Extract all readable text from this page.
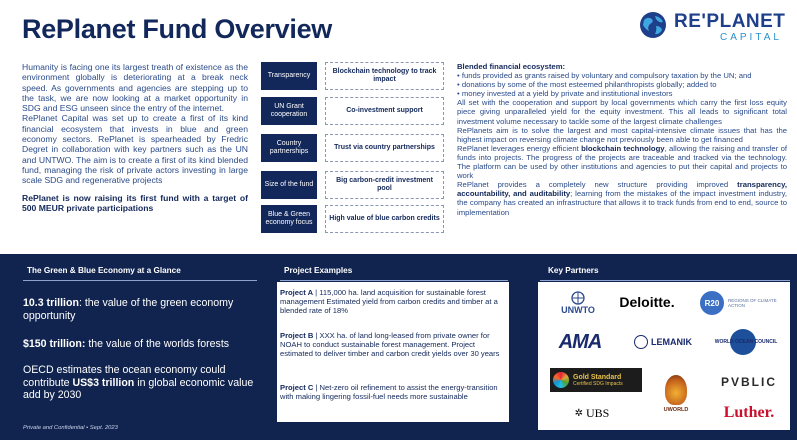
RePlanet Fund Overview	RE'PLANET
CAPITAL

Humanity is facing one its largest treath of existence as the environment globally is deteriorating at a break neck speed. As governments and agencies are stepping up to the task, we are now looking at a market opportunity in SDG and ESG unseen since the entry of the internet.

RePlanet Capital was set up to create a first of its kind financial ecosystem that invests in blue and green economy sectors. RePlanet is spearheaded by Fredric Degret in collaboration with key partners such as the UN and UNTWO. The aim is to create a first of its kind blended fund, managing the risk of private actors investing in large scale SDG and regenerative projects

RePlanet is now raising its first fund with a target of 500 MEUR private participations

Transparency
Blockchain technology to track impact
UN Grant cooperation
Co-investment support
Country partnerships
Trust via country partnerships
Size of the fund
Big carbon-credit investment pool
Blue & Green economy focus
High value of blue carbon credits
Blended financial ecosystem:
• funds provided as grants raised by voluntary and compulsory taxation by the UN; and
• donations by some of the most esteemed philanthropists globally; added to
• money invested at a yield by private and institutional investors
All set with the cooperation and support by local governments which carry the first loss equity piece giving unparalleled yield for the equity investment. This all leads to significant total investment volume necessary to tackle some of the largest climate challenges
RePlanets aim is to solve the largest and most capital-intensive climate issues that has the highest impact on reversing climate change not previously been able to get financed
RePlanet leverages energy efficient blockchain technology, allowing the raising and transfer of funds into projects. The progress of the projects are traceable and tracked via the technology. The platform can be used by other institutions and agencies to put their capital and projects to work
RePlanet provides a completely new structure providing improved transparency, accountability, and auditability; learning from the mistakes of the impact investment industry, the company has created an infrastructure that allows it to track funds from end to end, source to implementation
The Green & Blue Economy at a Glance
10.3 trillion: the value of the green economy opportunity
$150 trillion: the value of the worlds forests
OECD estimates the ocean economy could contribute US$3 trillion in global economic value add by 2030
Project Examples
Project A | 115,000 ha. land acquisition for sustainable forest management Estimated yield from carbon credits and timber at a blended rate of 18%
Project B | XXX ha. of land long-leased from private owner for NOAH to conduct sustainable forest management. Project estimated to deliver timber and carbon credit yields over 30 years
Project C | Net-zero oil refinement to assist the energy-transition with making lingering fossil-fuel needs more sustainable
Key Partners
UNWTO	Deloitte.	R20	REGIONS OF CLIMATE ACTION
AMA	LEMANIK	WORLD OCEAN COUNCIL
Gold Standard
Certified SDG Impacts
UWORLD
PVBLIC
✲ UBS	Luther.
Private and Confidential • Sept. 2023
